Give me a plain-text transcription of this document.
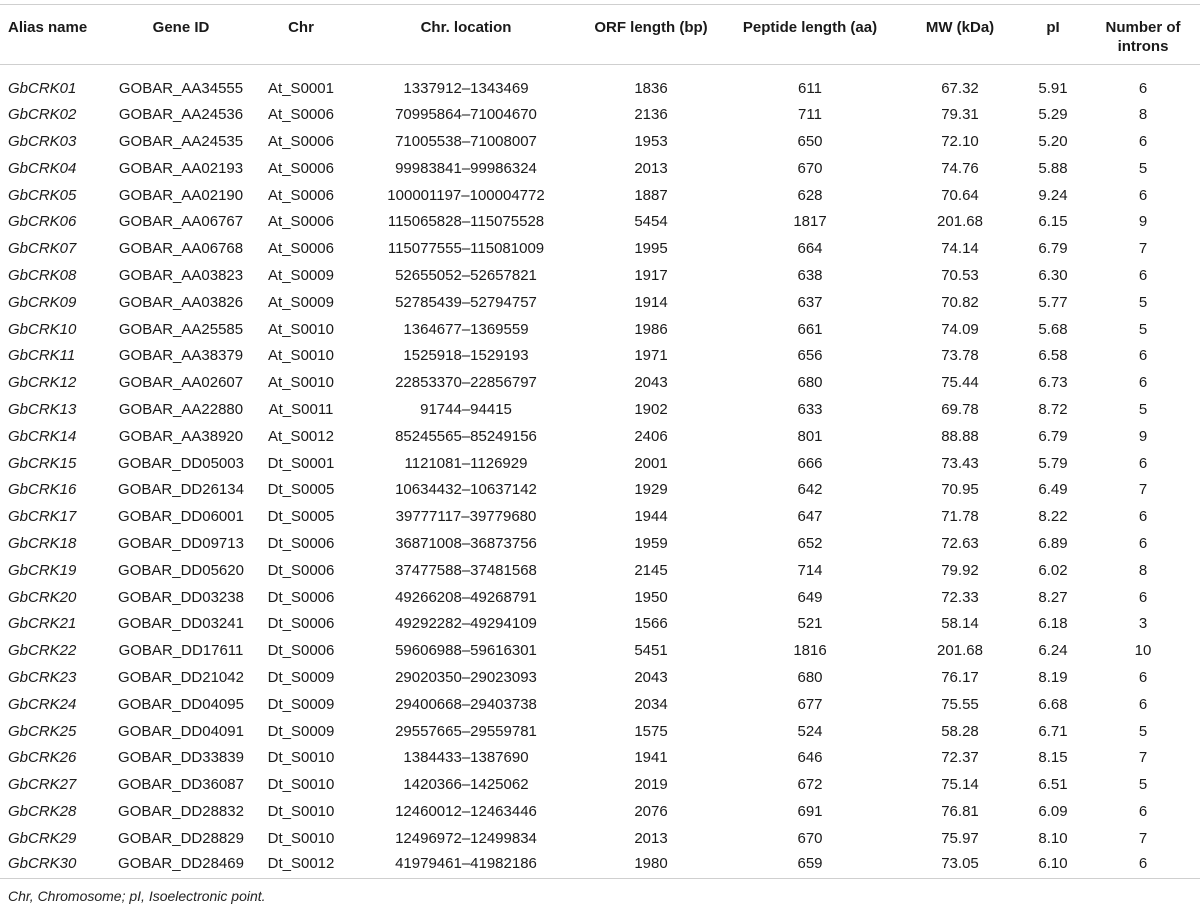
Alias name	Gene ID	Chr	Chr. location	ORF length (bp)	Peptide length (aa)	MW (kDa)	pI	Number of introns
GbCRK01	GOBAR_AA34555	At_S0001	1337912–1343469	1836	611	67.32	5.91	6
GbCRK02	GOBAR_AA24536	At_S0006	70995864–71004670	2136	711	79.31	5.29	8
GbCRK03	GOBAR_AA24535	At_S0006	71005538–71008007	1953	650	72.10	5.20	6
GbCRK04	GOBAR_AA02193	At_S0006	99983841–99986324	2013	670	74.76	5.88	5
GbCRK05	GOBAR_AA02190	At_S0006	100001197–100004772	1887	628	70.64	9.24	6
GbCRK06	GOBAR_AA06767	At_S0006	115065828–115075528	5454	1817	201.68	6.15	9
GbCRK07	GOBAR_AA06768	At_S0006	115077555–115081009	1995	664	74.14	6.79	7
GbCRK08	GOBAR_AA03823	At_S0009	52655052–52657821	1917	638	70.53	6.30	6
GbCRK09	GOBAR_AA03826	At_S0009	52785439–52794757	1914	637	70.82	5.77	5
GbCRK10	GOBAR_AA25585	At_S0010	1364677–1369559	1986	661	74.09	5.68	5
GbCRK11	GOBAR_AA38379	At_S0010	1525918–1529193	1971	656	73.78	6.58	6
GbCRK12	GOBAR_AA02607	At_S0010	22853370–22856797	2043	680	75.44	6.73	6
GbCRK13	GOBAR_AA22880	At_S0011	91744–94415	1902	633	69.78	8.72	5
GbCRK14	GOBAR_AA38920	At_S0012	85245565–85249156	2406	801	88.88	6.79	9
GbCRK15	GOBAR_DD05003	Dt_S0001	1121081–1126929	2001	666	73.43	5.79	6
GbCRK16	GOBAR_DD26134	Dt_S0005	10634432–10637142	1929	642	70.95	6.49	7
GbCRK17	GOBAR_DD06001	Dt_S0005	39777117–39779680	1944	647	71.78	8.22	6
GbCRK18	GOBAR_DD09713	Dt_S0006	36871008–36873756	1959	652	72.63	6.89	6
GbCRK19	GOBAR_DD05620	Dt_S0006	37477588–37481568	2145	714	79.92	6.02	8
GbCRK20	GOBAR_DD03238	Dt_S0006	49266208–49268791	1950	649	72.33	8.27	6
GbCRK21	GOBAR_DD03241	Dt_S0006	49292282–49294109	1566	521	58.14	6.18	3
GbCRK22	GOBAR_DD17611	Dt_S0006	59606988–59616301	5451	1816	201.68	6.24	10
GbCRK23	GOBAR_DD21042	Dt_S0009	29020350–29023093	2043	680	76.17	8.19	6
GbCRK24	GOBAR_DD04095	Dt_S0009	29400668–29403738	2034	677	75.55	6.68	6
GbCRK25	GOBAR_DD04091	Dt_S0009	29557665–29559781	1575	524	58.28	6.71	5
GbCRK26	GOBAR_DD33839	Dt_S0010	1384433–1387690	1941	646	72.37	8.15	7
GbCRK27	GOBAR_DD36087	Dt_S0010	1420366–1425062	2019	672	75.14	6.51	5
GbCRK28	GOBAR_DD28832	Dt_S0010	12460012–12463446	2076	691	76.81	6.09	6
GbCRK29	GOBAR_DD28829	Dt_S0010	12496972–12499834	2013	670	75.97	8.10	7
GbCRK30	GOBAR_DD28469	Dt_S0012	41979461–41982186	1980	659	73.05	6.10	6
Chr, Chromosome; pI, Isoelectronic point.
